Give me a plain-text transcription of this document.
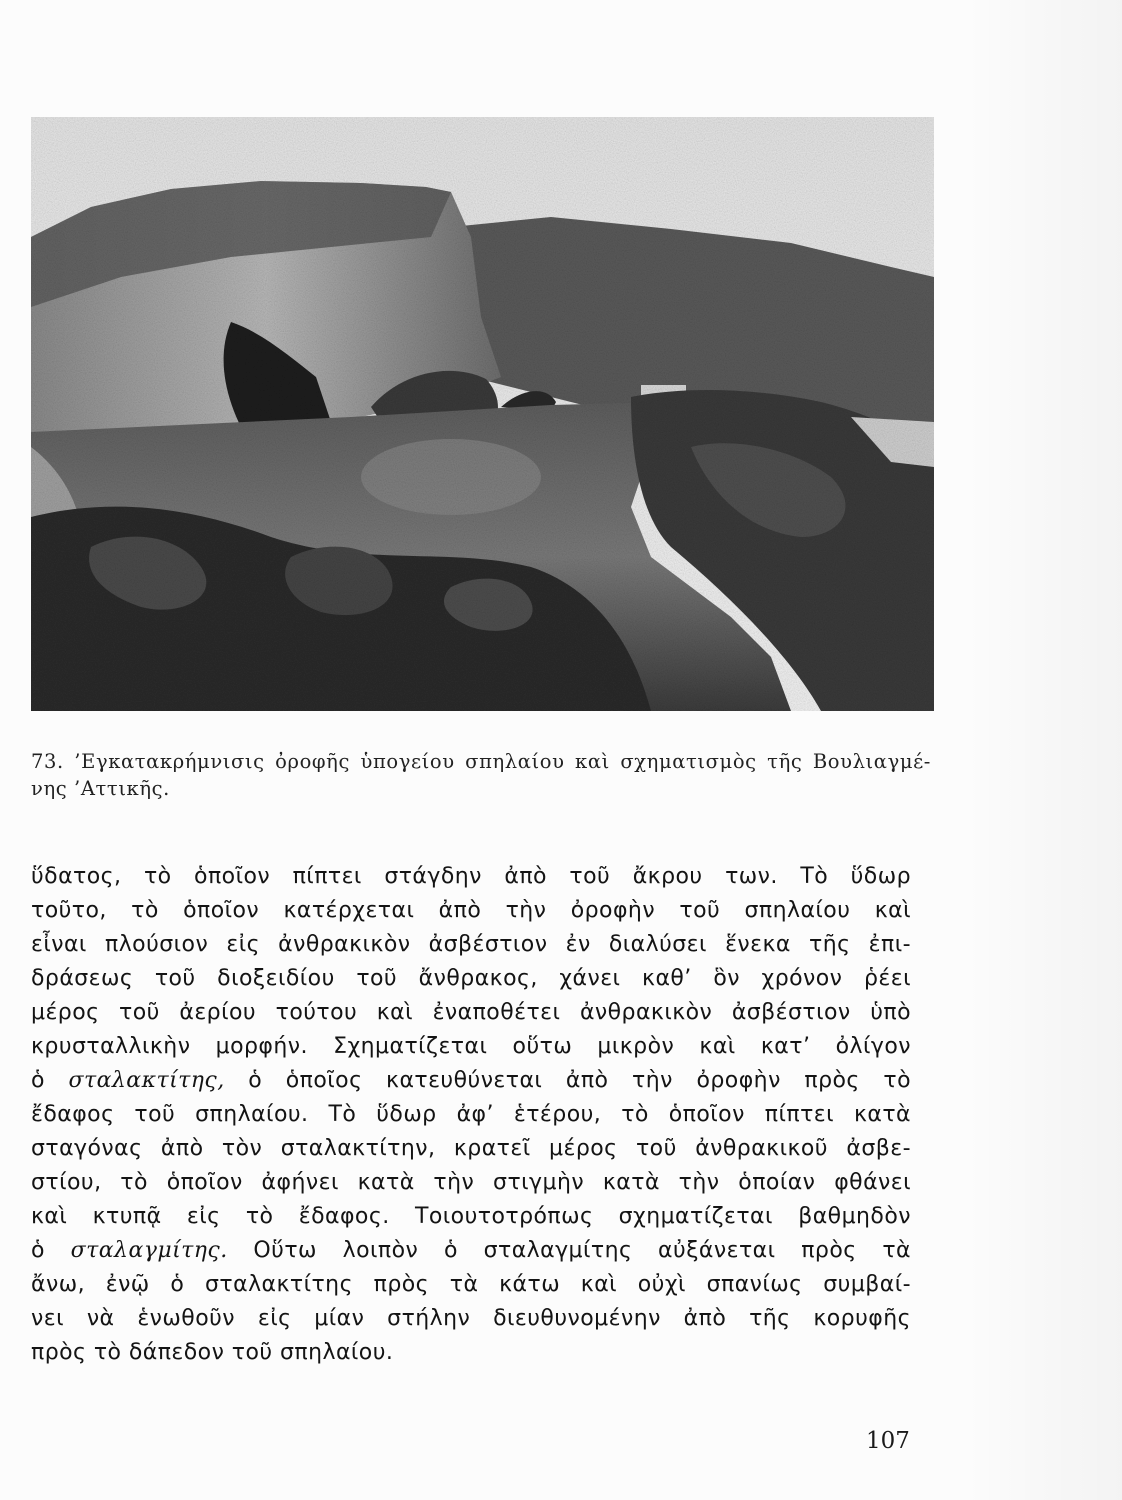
73. ’Εγκατακρήμνισις ὀροφῆς ὑπογείου σπηλαίου καὶ σχηματισμὸς τῆς Βουλιαγμέ-
νης ’Αττικῆς.
ὕδατος, τὸ ὁποῖον πίπτει στάγδην ἀπὸ τοῦ ἄκρου των. Τὸ ὕδωρ
τοῦτο, τὸ ὁποῖον κατέρχεται ἀπὸ τὴν ὀροφὴν τοῦ σπηλαίου καὶ
εἶναι πλούσιον εἰς ἀνθρακικὸν ἀσβέστιον ἐν διαλύσει ἕνεκα τῆς ἐπι-
δράσεως τοῦ διοξειδίου τοῦ ἄνθρακος, χάνει καθ’ ὃν χρόνον ῥέει
μέρος τοῦ ἀερίου τούτου καὶ ἐναποθέτει ἀνθρακικὸν ἀσβέστιον ὑπὸ
κρυσταλλικὴν μορφήν. Σχηματίζεται οὕτω μικρὸν καὶ κατ’ ὀλίγον
ὁ σταλακτίτης, ὁ ὁποῖος κατευθύνεται ἀπὸ τὴν ὀροφὴν πρὸς τὸ
ἔδαφος τοῦ σπηλαίου. Τὸ ὕδωρ ἀφ’ ἑτέρου, τὸ ὁποῖον πίπτει κατὰ
σταγόνας ἀπὸ τὸν σταλακτίτην, κρατεῖ μέρος τοῦ ἀνθρακικοῦ ἀσβε-
στίου, τὸ ὁποῖον ἀφήνει κατὰ τὴν στιγμὴν κατὰ τὴν ὁποίαν φθάνει
καὶ κτυπᾷ εἰς τὸ ἔδαφος. Τοιουτοτρόπως σχηματίζεται βαθμηδὸν
ὁ σταλαγμίτης. Οὕτω λοιπὸν ὁ σταλαγμίτης αὐξάνεται πρὸς τὰ
ἄνω, ἐνῷ ὁ σταλακτίτης πρὸς τὰ κάτω καὶ οὐχὶ σπανίως συμβαί-
νει νὰ ἑνωθοῦν εἰς μίαν στήλην διευθυνομένην ἀπὸ τῆς κορυφῆς
πρὸς τὸ δάπεδον τοῦ σπηλαίου.
107
